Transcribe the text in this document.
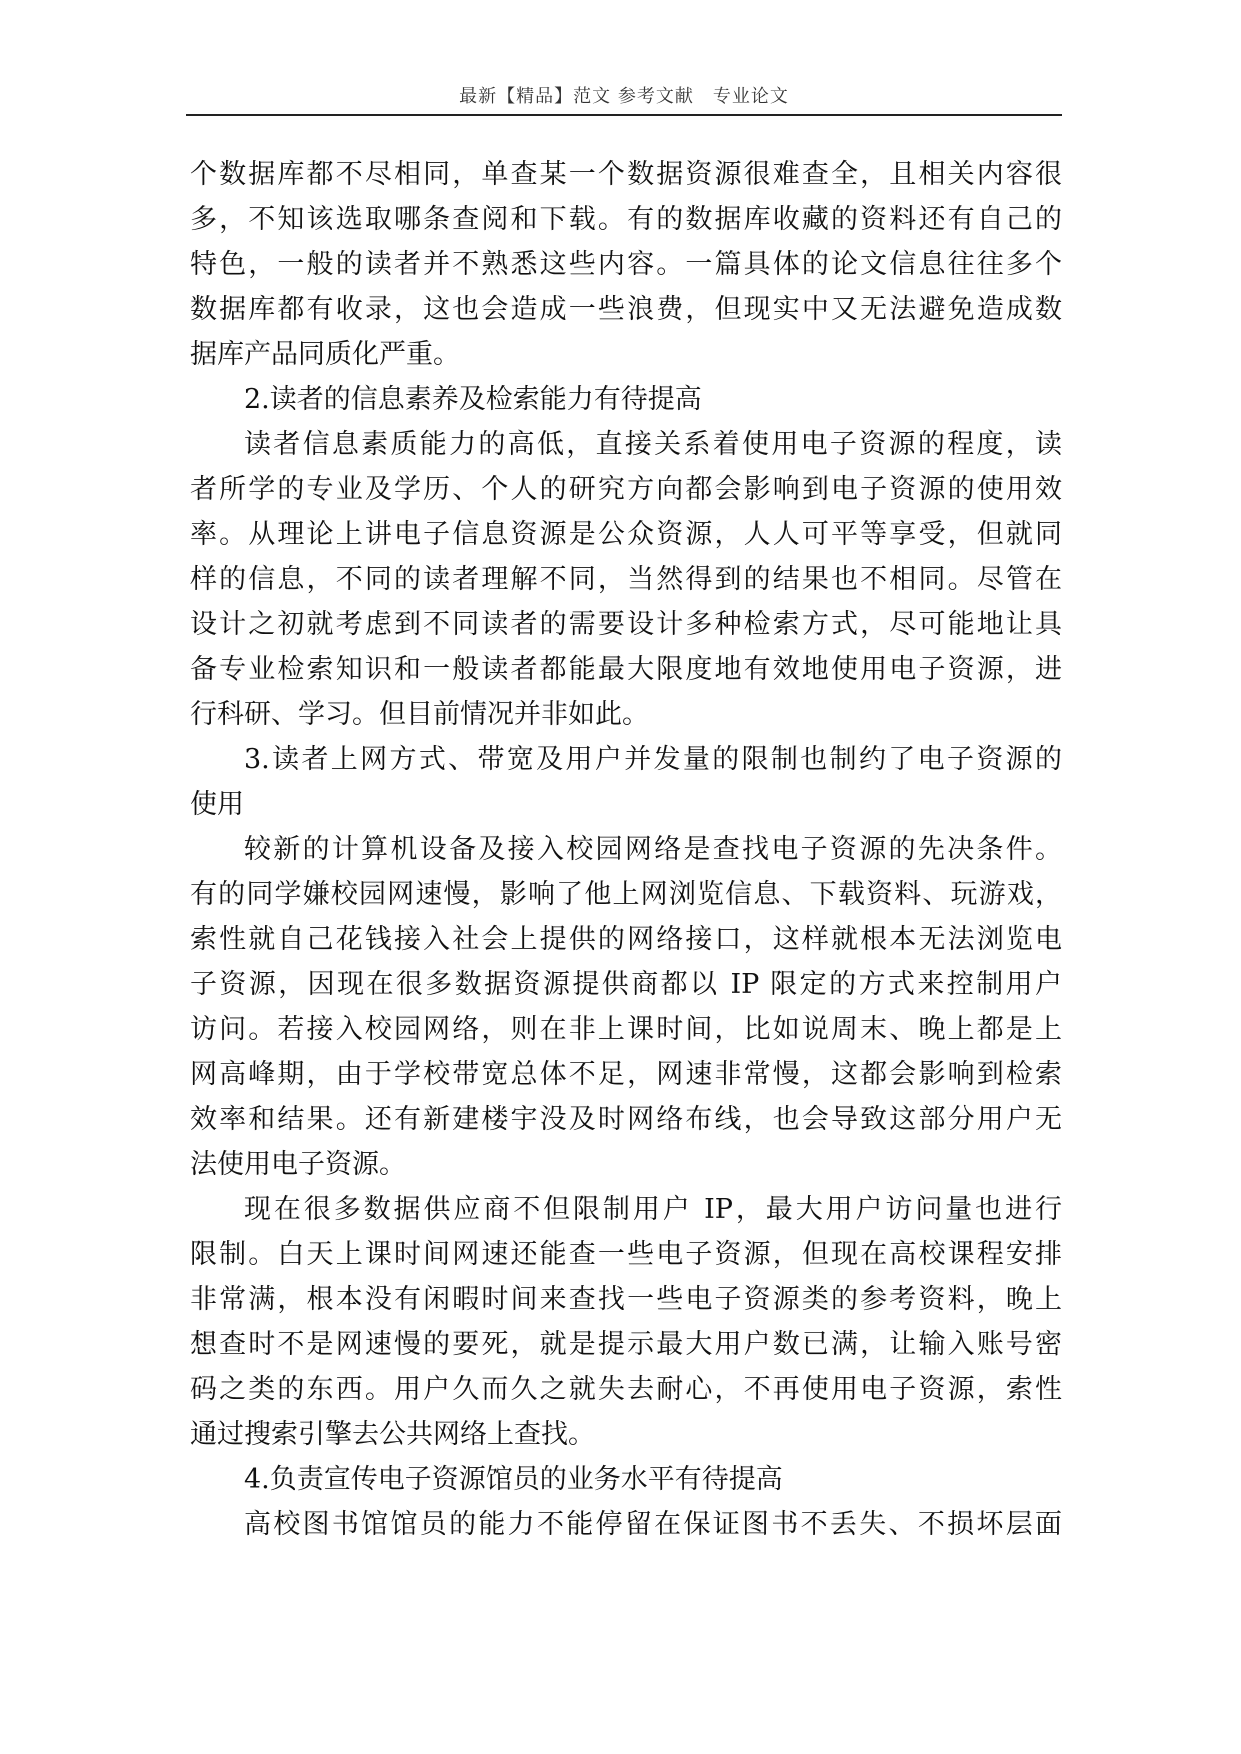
最新【精品】范文 参考文献　专业论文
个数据库都不尽相同，单查某一个数据资源很难查全，且相关内容很
多，不知该选取哪条查阅和下载。有的数据库收藏的资料还有自己的
特色，一般的读者并不熟悉这些内容。一篇具体的论文信息往往多个
数据库都有收录，这也会造成一些浪费，但现实中又无法避免造成数
据库产品同质化严重。
2.读者的信息素养及检索能力有待提高
读者信息素质能力的高低，直接关系着使用电子资源的程度，读
者所学的专业及学历、个人的研究方向都会影响到电子资源的使用效
率。从理论上讲电子信息资源是公众资源，人人可平等享受，但就同
样的信息，不同的读者理解不同，当然得到的结果也不相同。尽管在
设计之初就考虑到不同读者的需要设计多种检索方式，尽可能地让具
备专业检索知识和一般读者都能最大限度地有效地使用电子资源，进
行科研、学习。但目前情况并非如此。
3.读者上网方式、带宽及用户并发量的限制也制约了电子资源的
使用
较新的计算机设备及接入校园网络是查找电子资源的先决条件。
有的同学嫌校园网速慢，影响了他上网浏览信息、下载资料、玩游戏，
索性就自己花钱接入社会上提供的网络接口，这样就根本无法浏览电
子资源，因现在很多数据资源提供商都以 IP 限定的方式来控制用户
访问。若接入校园网络，则在非上课时间，比如说周末、晚上都是上
网高峰期，由于学校带宽总体不足，网速非常慢，这都会影响到检索
效率和结果。还有新建楼宇没及时网络布线，也会导致这部分用户无
法使用电子资源。
现在很多数据供应商不但限制用户 IP，最大用户访问量也进行
限制。白天上课时间网速还能查一些电子资源，但现在高校课程安排
非常满，根本没有闲暇时间来查找一些电子资源类的参考资料，晚上
想查时不是网速慢的要死，就是提示最大用户数已满，让输入账号密
码之类的东西。用户久而久之就失去耐心，不再使用电子资源，索性
通过搜索引擎去公共网络上查找。
4.负责宣传电子资源馆员的业务水平有待提高
高校图书馆馆员的能力不能停留在保证图书不丢失、不损坏层面
